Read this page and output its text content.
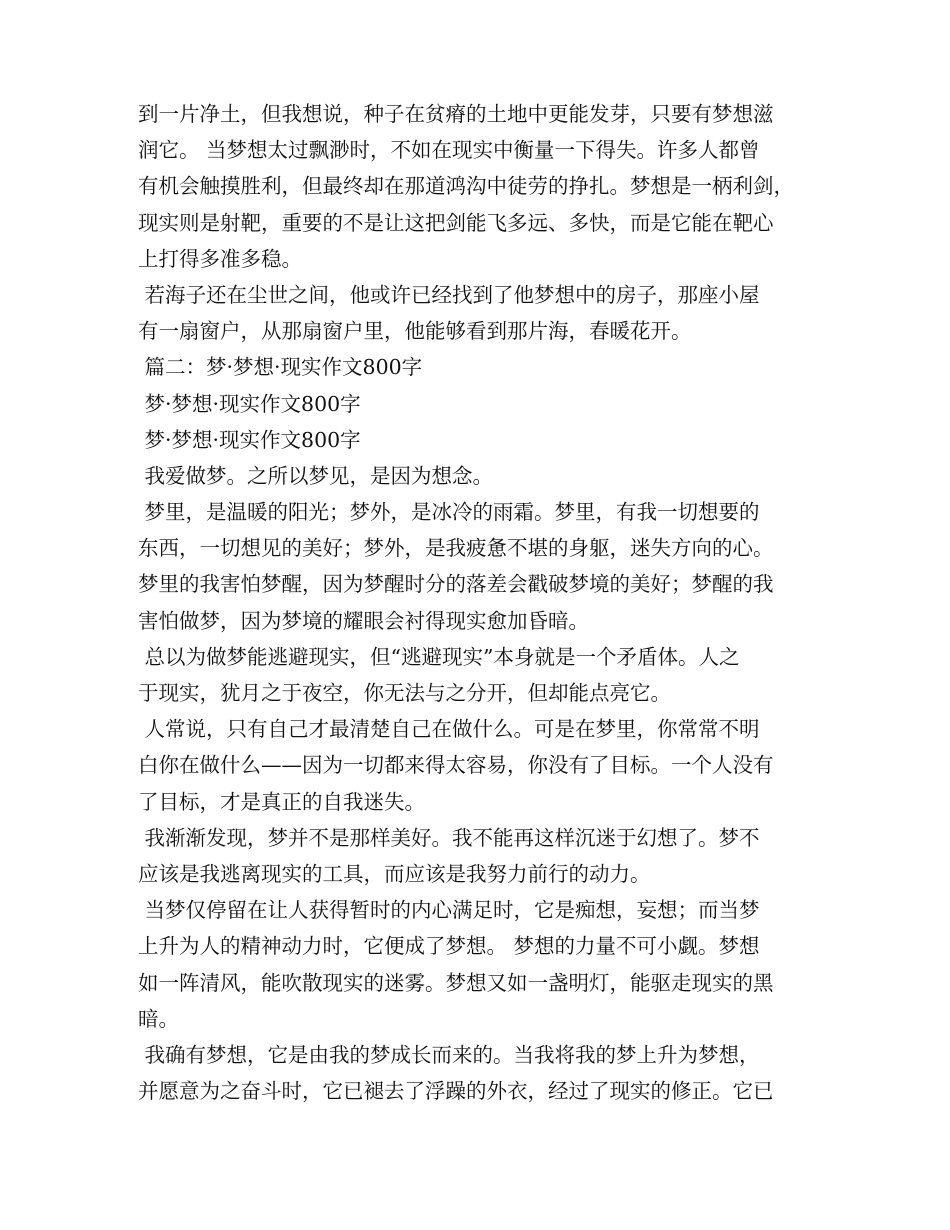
到一片净土，但我想说，种子在贫瘠的土地中更能发芽，只要有梦想滋
润它。 当梦想太过飘渺时，不如在现实中衡量一下得失。许多人都曾
有机会触摸胜利，但最终却在那道鸿沟中徒劳的挣扎。梦想是一柄利剑，
现实则是射靶，重要的不是让这把剑能飞多远、多快，而是它能在靶心
上打得多准多稳。
若海子还在尘世之间，他或许已经找到了他梦想中的房子，那座小屋
有一扇窗户，从那扇窗户里，他能够看到那片海，春暖花开。
篇二：梦·梦想·现实作文800字
梦·梦想·现实作文800字
梦·梦想·现实作文800字
我爱做梦。之所以梦见，是因为想念。
梦里，是温暖的阳光；梦外，是冰冷的雨霜。梦里，有我一切想要的
东西，一切想见的美好；梦外，是我疲惫不堪的身躯，迷失方向的心。
梦里的我害怕梦醒，因为梦醒时分的落差会戳破梦境的美好；梦醒的我
害怕做梦，因为梦境的耀眼会衬得现实愈加昏暗。
总以为做梦能逃避现实，但“逃避现实”本身就是一个矛盾体。人之
于现实，犹月之于夜空，你无法与之分开，但却能点亮它。
人常说，只有自己才最清楚自己在做什么。可是在梦里，你常常不明
白你在做什么——因为一切都来得太容易，你没有了目标。一个人没有
了目标，才是真正的自我迷失。
我渐渐发现，梦并不是那样美好。我不能再这样沉迷于幻想了。梦不
应该是我逃离现实的工具，而应该是我努力前行的动力。
当梦仅停留在让人获得暂时的内心满足时，它是痴想，妄想；而当梦
上升为人的精神动力时，它便成了梦想。 梦想的力量不可小觑。梦想
如一阵清风，能吹散现实的迷雾。梦想又如一盏明灯，能驱走现实的黑
暗。
我确有梦想，它是由我的梦成长而来的。当我将我的梦上升为梦想，
并愿意为之奋斗时，它已褪去了浮躁的外衣，经过了现实的修正。它已
